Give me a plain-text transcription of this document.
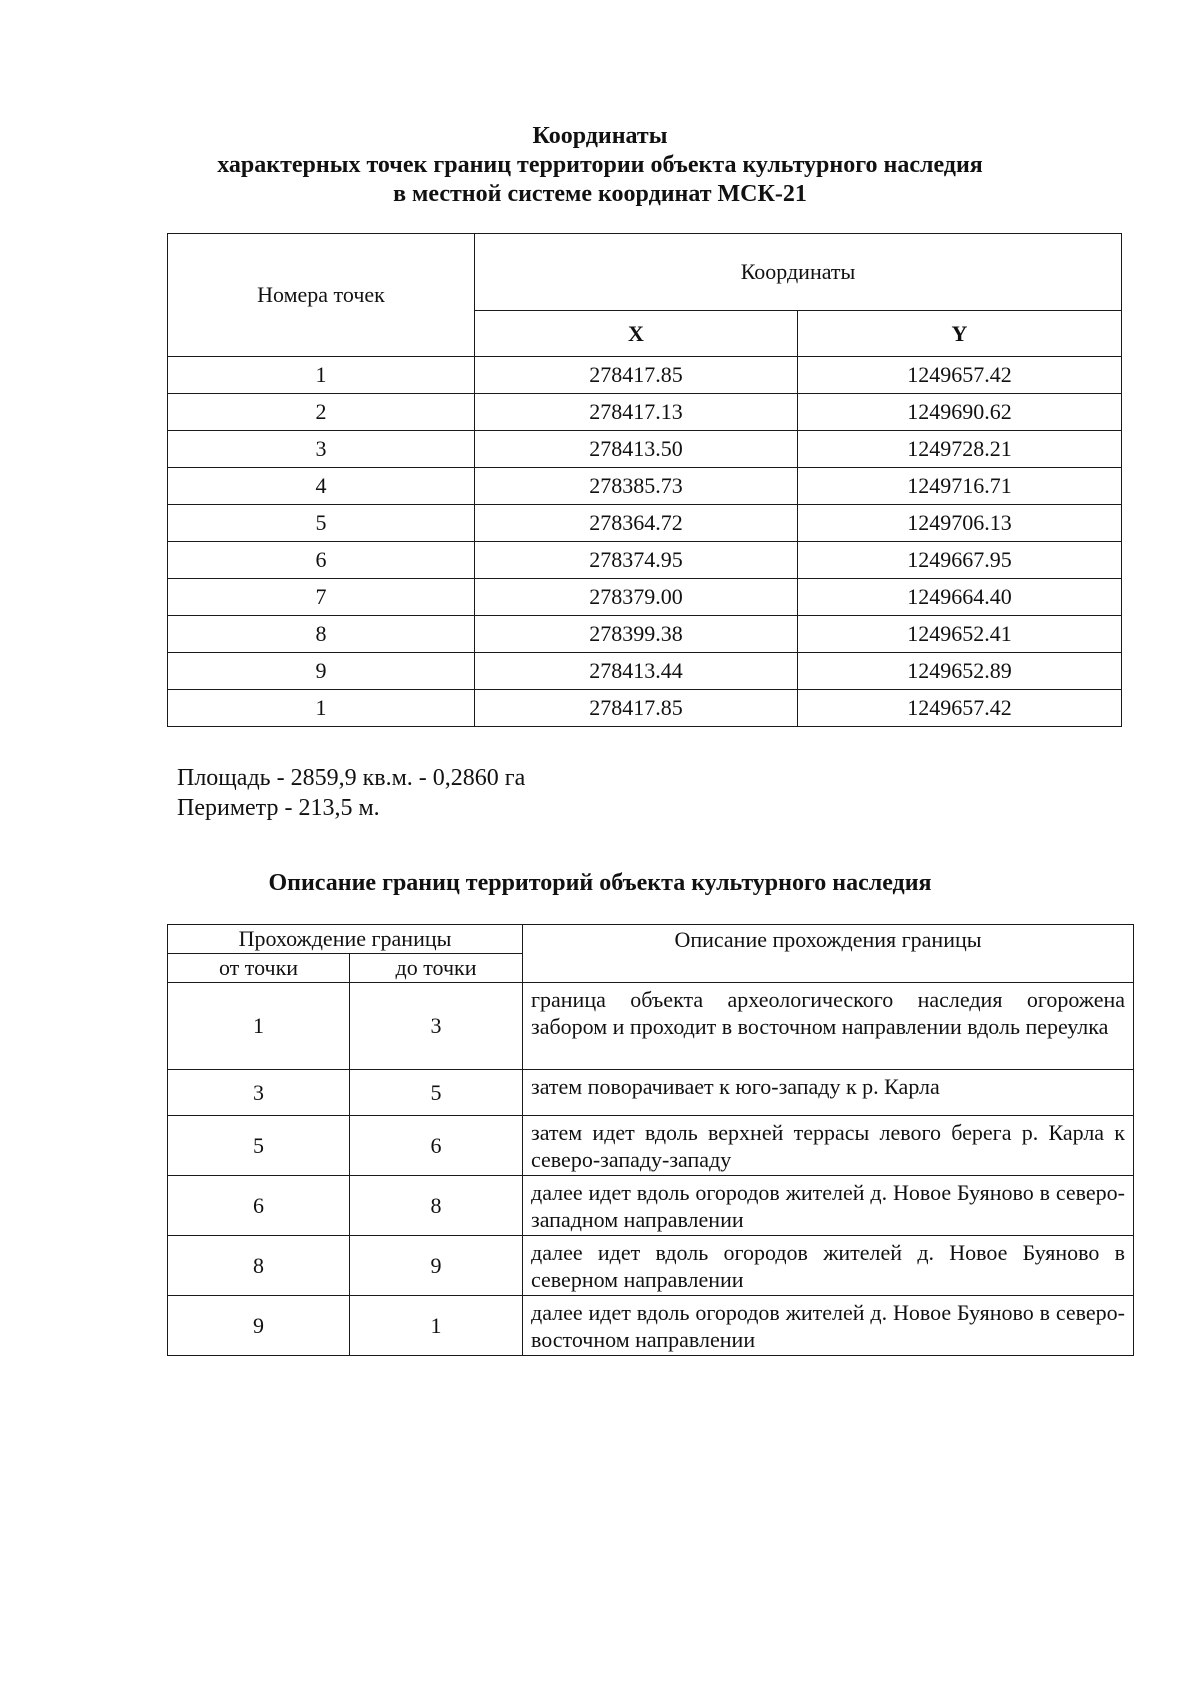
Координаты
характерных точек границ территории объекта культурного наследия
в местной системе координат МСК-21
Номера точек	Координаты	
	X	Y
1	278417.85	1249657.42
2	278417.13	1249690.62
3	278413.50	1249728.21
4	278385.73	1249716.71
5	278364.72	1249706.13
6	278374.95	1249667.95
7	278379.00	1249664.40
8	278399.38	1249652.41
9	278413.44	1249652.89
1	278417.85	1249657.42
Площадь - 2859,9 кв.м. - 0,2860 га
Периметр - 213,5 м.
Описание границ территорий объекта культурного наследия
Прохождение границы		Описание прохождения границы
от точки	до точки	
1	3	граница объекта археологического наследия огорожена забором и проходит в восточном направлении вдоль переулка
3	5	затем поворачивает к юго-западу к р. Карла
5	6	затем идет вдоль верхней террасы левого берега р. Карла к северо-западу-западу
6	8	далее идет вдоль огородов жителей д. Новое Буяново в северо-западном направлении
8	9	далее идет вдоль огородов жителей д. Новое Буяново в северном направлении
9	1	далее идет вдоль огородов жителей д. Новое Буяново в северо-восточном направлении
